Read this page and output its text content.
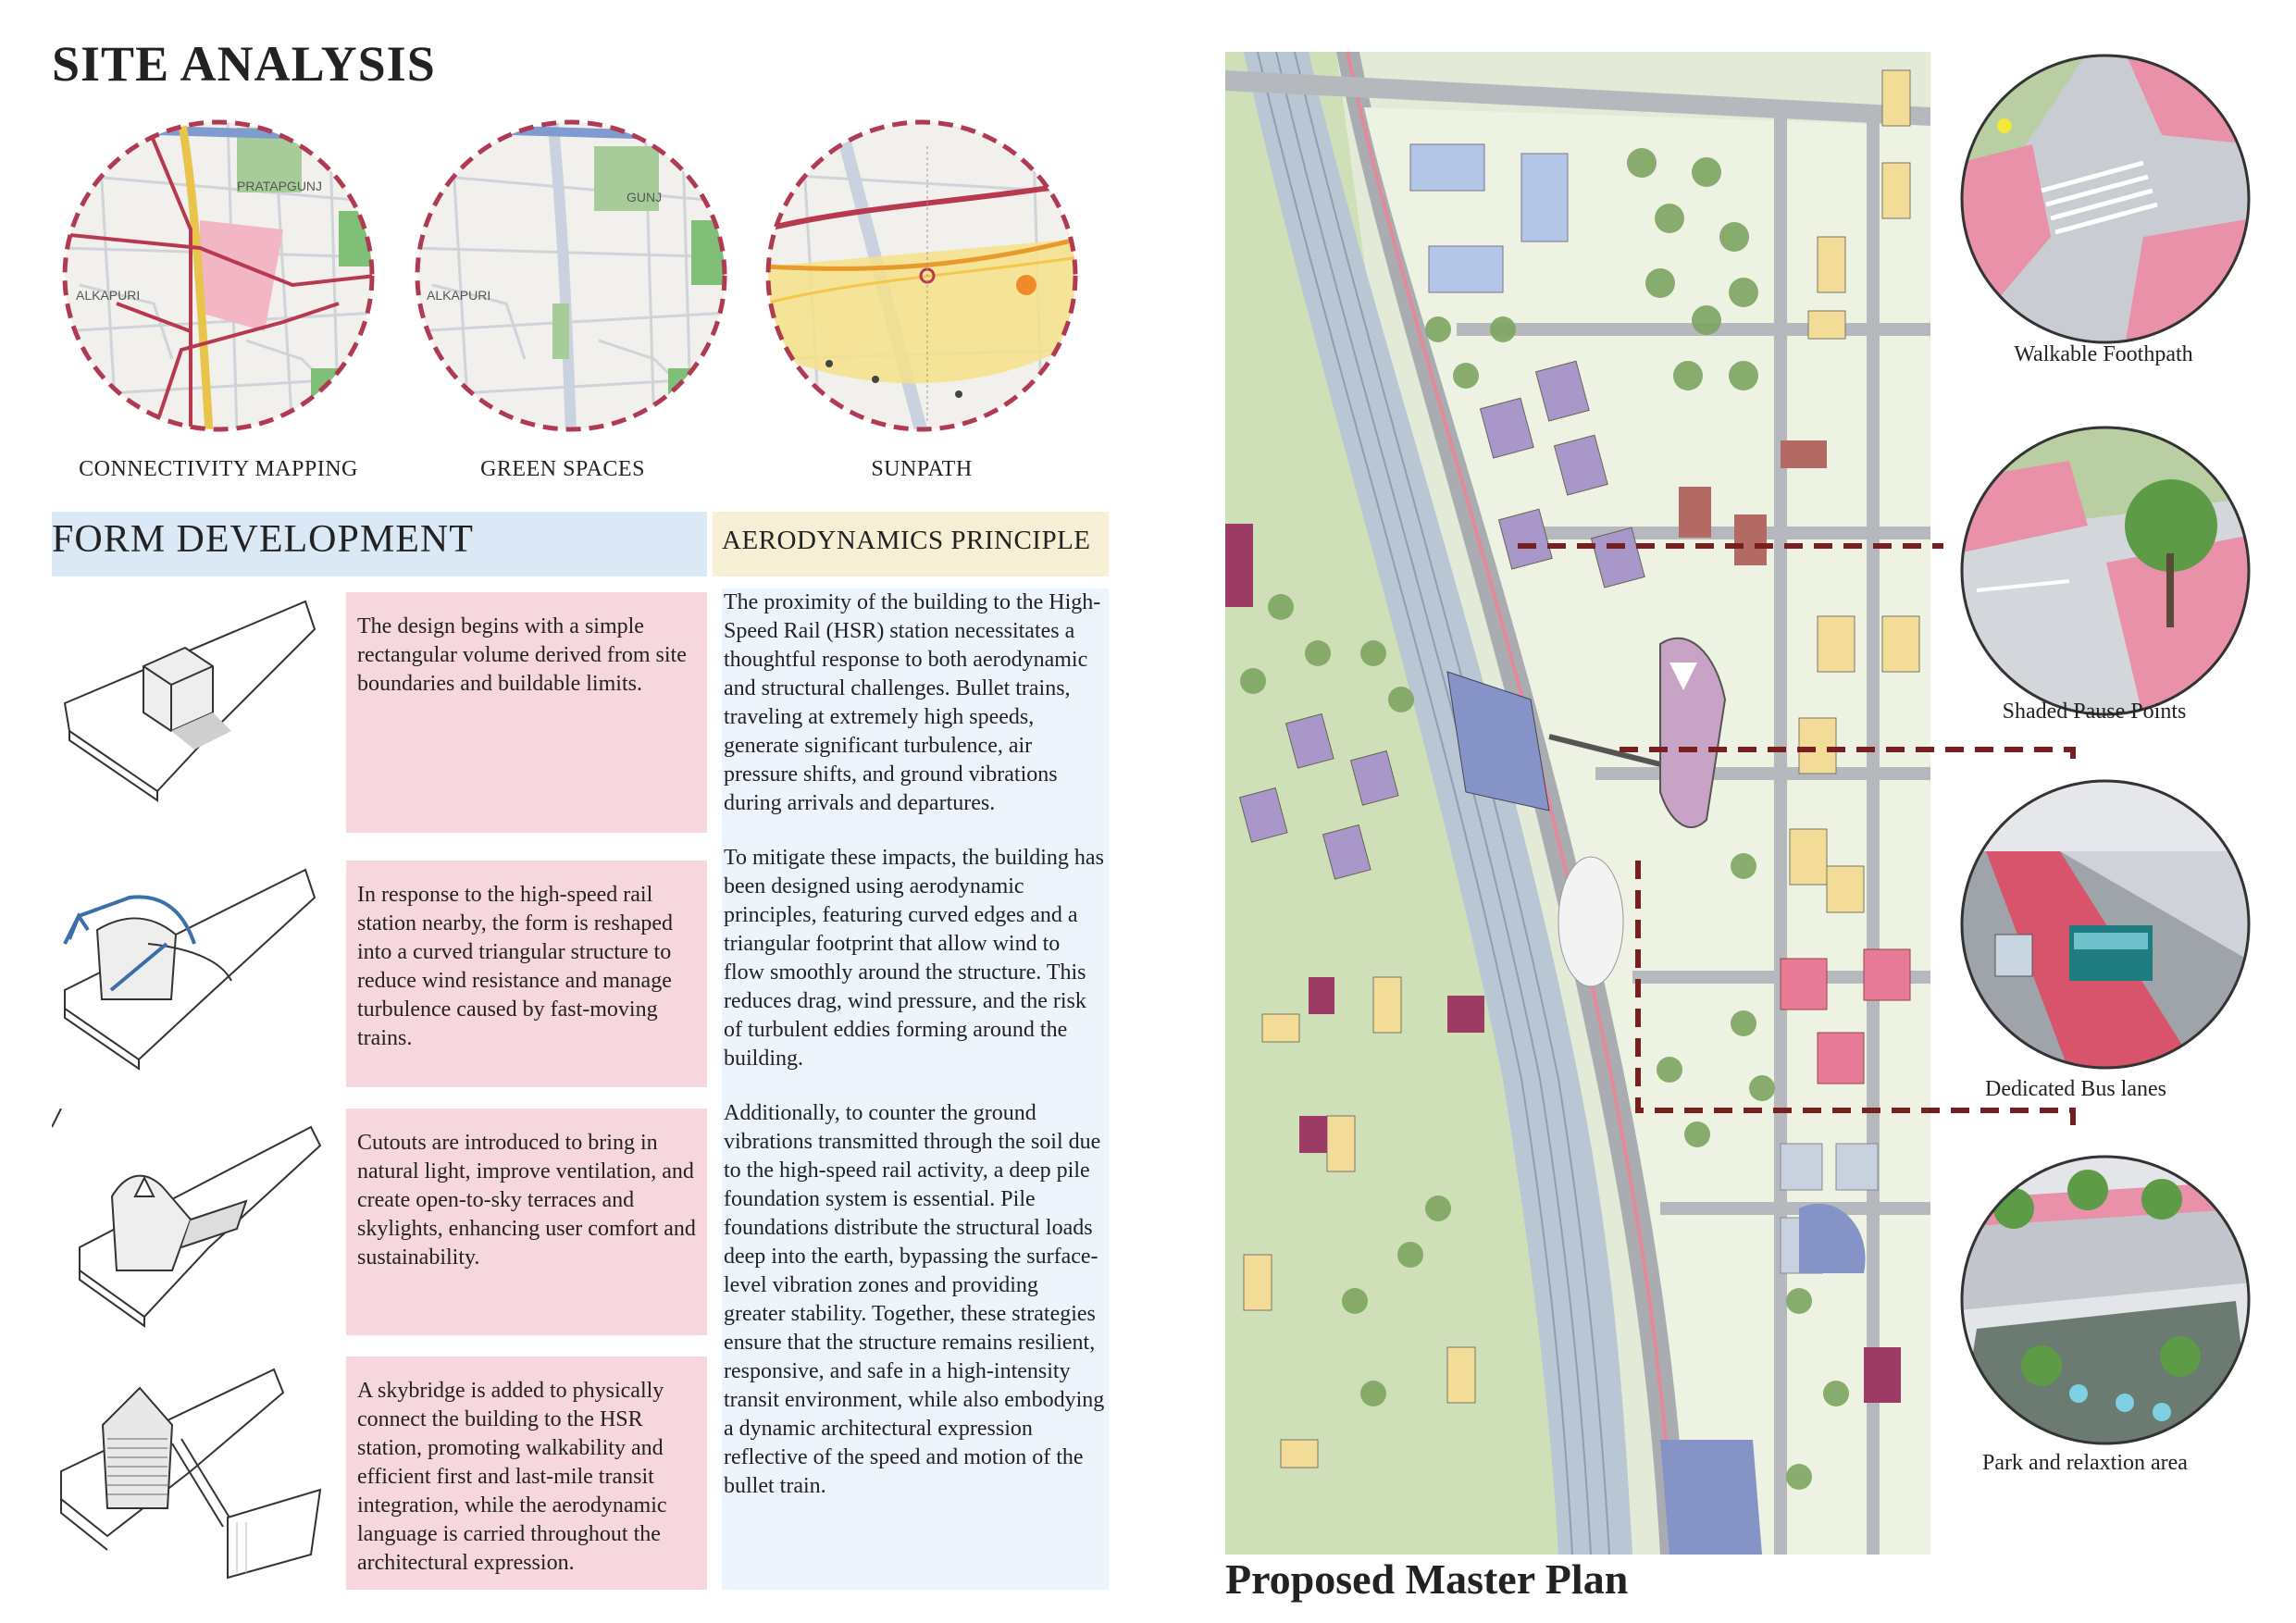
SITE ANALYSIS
PRATAPGUNJ
ALKAPURI
CONNECTIVITY MAPPING
GUNJ
ALKAPURI
GREEN SPACES	SUNPATH
FORM DEVELOPMENT	AERODYNAMICS PRINCIPLE

The design begins with a simple rectangular volume derived from site boundaries and buildable limits.

In response to the high-speed rail station nearby, the form is reshaped into a curved triangular structure to reduce wind resistance and manage turbulence caused by fast-moving trains.

Cutouts are introduced to bring in natural light, improve ventilation, and create open-to-sky terraces and skylights, enhancing user comfort and sustainability.

A skybridge is added to physically connect the building to the HSR station, promoting walkability and efficient first and last-mile transit integration, while the aerodynamic language is carried throughout the architectural expression.

The proximity of the building to the High-Speed Rail (HSR) station necessitates a thoughtful response to both aerodynamic and structural challenges. Bullet trains, traveling at extremely high speeds, generate significant turbulence, air pressure shifts, and ground vibrations during arrivals and departures.

To mitigate these impacts, the building has been designed using aerodynamic principles, featuring curved edges and a triangular footprint that allow wind to flow smoothly around the structure. This reduces drag, wind pressure, and the risk of turbulent eddies forming around the building.

Additionally, to counter the ground vibrations transmitted through the soil due to the high-speed rail activity, a deep pile foundation system is essential. Pile foundations distribute the structural loads deep into the earth, bypassing the surface-level vibration zones and providing greater stability. Together, these strategies ensure that the structure remains resilient, responsive, and safe in a high-intensity transit environment, while also embodying a dynamic architectural expression reflective of the speed and motion of the bullet train.

Proposed Master Plan
Walkable Foothpath
Shaded Pause Points
Dedicated Bus lanes
Park and relaxtion area
